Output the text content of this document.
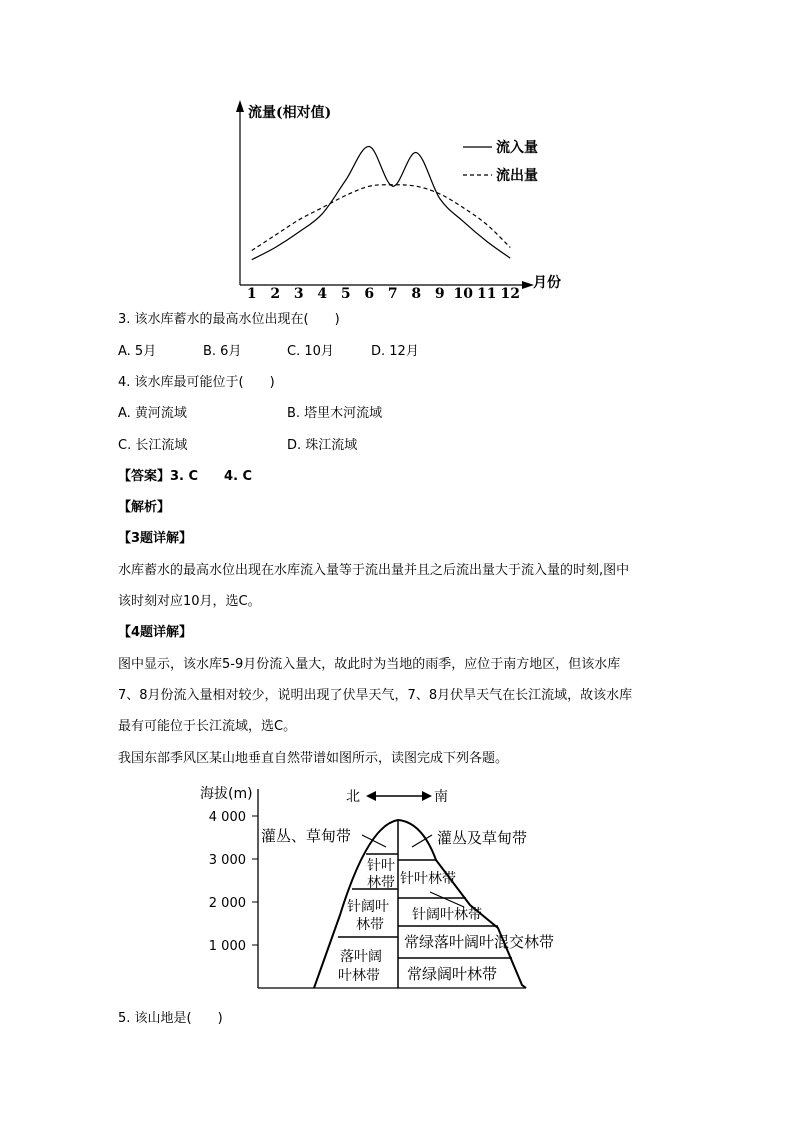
流量(相对值)
月份
1 2 3 4 5 6 7 8 9 10 11 12
流入量
流出量
3. 该水库蓄水的最高水位出现在(　　)
A. 5月	B. 6月	C. 10月	D. 12月
4. 该水库最可能位于(　　)
A. 黄河流域	B. 塔里木河流域
C. 长江流域	D. 珠江流域
【答案】3. C　　4. C
【解析】
【3题详解】
水库蓄水的最高水位出现在水库流入量等于流出量并且之后流出量大于流入量的时刻,图中
该时刻对应10月，选C。
【4题详解】
图中显示，该水库5-9月份流入量大，故此时为当地的雨季，应位于南方地区，但该水库
7、8月份流入量相对较少，说明出现了伏旱天气，7、8月伏旱天气在长江流域，故该水库
最有可能位于长江流域，选C。
我国东部季风区某山地垂直自然带谱如图所示，读图完成下列各题。
海拔(m)
4 000
3 000
2 000
1 000
北	南
灌丛、草甸带	灌丛及草甸带
针叶
林带 针叶林带
针阔叶
林带
针阔叶林带
常绿落叶阔叶混交林带
落叶阔
叶林带 常绿阔叶林带
5. 该山地是(　　)
